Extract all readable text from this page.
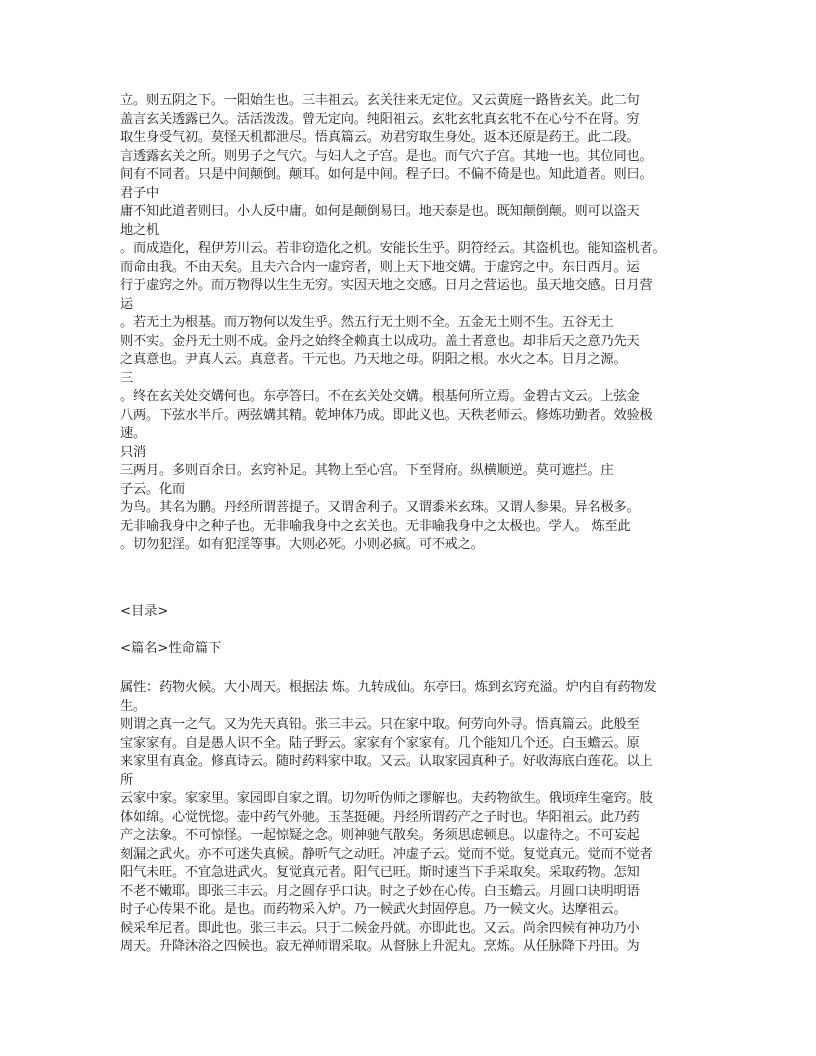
立。则五阴之下。一阳始生也。三丰祖云。玄关往来无定位。又云黄庭一路皆玄关。此二句
盖言玄关透露已久。活活泼泼。曾无定向。纯阳祖云。玄牝玄牝真玄牝不在心兮不在肾。穷
取生身受气初。莫怪天机都泄尽。悟真篇云。劝君穷取生身处。返本还原是药王。此二段。
言透露玄关之所。则男子之气穴。与妇人之子宫。是也。而气穴子宫。其地一也。其位同也。
间有不同者。只是中间颠倒。颠耳。如何是中间。程子曰。不偏不倚是也。知此道者。则曰。
君子中
庸不知此道者则曰。小人反中庸。如何是颠倒易曰。地天泰是也。既知颠倒颠。则可以盗天
地之机
。而成造化，程伊芳川云。若非窃造化之机。安能长生乎。阴符经云。其盗机也。能知盗机者。
而命由我。不由天矣。且夫六合内一虚窍者，则上天下地交媾。于虚窍之中。东日西月。运
行于虚窍之外。而万物得以生生无穷。实因天地之交感。日月之营运也。虽天地交感。日月营
运
。若无土为根基。而万物何以发生乎。然五行无土则不全。五金无土则不生。五谷无土
则不实。金丹无土则不成。金丹之始终全赖真土以成功。盖土者意也。却非后天之意乃先天
之真意也。尹真人云。真意者。干元也。乃天地之母。阴阳之根。水火之本。日月之源。
三
。终在玄关处交媾何也。东亭答曰。不在玄关处交媾。根基何所立焉。金碧古文云。上弦金
八两。下弦水半斤。两弦媾其精。乾坤体乃成。即此义也。天秩老师云。修炼功勤者。效验极
速。
只消
三两月。多则百余日。玄窍补足。其物上至心宫。下至肾府。纵横顺逆。莫可遮拦。庄
子云。化而
为鸟。其名为鹏。丹经所谓菩提子。又谓舍利子。又谓黍米玄珠。又谓人参果。异名极多。
无非喻我身中之种子也。无非喻我身中之玄关也。无非喻我身中之太极也。学人。 炼至此
。切勿犯淫。如有犯淫等事。大则必死。小则必疯。可不戒之。
<目录>
<篇名>性命篇下
属性：药物火候。大小周天。根据法 炼。九转成仙。东亭曰。炼到玄窍充溢。炉内自有药物发
生。
则谓之真一之气。又为先天真铅。张三丰云。只在家中取。何劳向外寻。悟真篇云。此般至
宝家家有。自是愚人识不全。陆子野云。家家有个家家有。几个能知几个还。白玉蟾云。原
来家里有真金。修真诗云。随时药料家中取。又云。认取家园真种子。好收海底白莲花。以上
所
云家中家。家家里。家园即自家之谓。切勿听伪师之谬解也。夫药物欲生。俄顷痒生毫窍。肢
体如绵。心觉恍惚。壶中药气外驰。玉茎挺硬。丹经所谓药产之子时也。华阳祖云。此乃药
产之法象。不可惊怪。一起惊疑之念。则神驰气散矣。务须思虑顿息。以虚待之。不可妄起
刻漏之武火。亦不可迷失真候。静听气之动旺。冲虚子云。觉而不觉。复觉真元。觉而不觉者
阳气未旺。不宜急进武火。复觉真元者。阳气已旺。斯时速当下手采取矣。采取药物。怎知
不老不嫩耶。即张三丰云。月之圆存乎口诀。时之子妙在心传。白玉蟾云。月圆口诀明明语
时子心传果不讹。是也。而药物采入炉。乃一候武火封固停息。乃一候文火。达摩祖云。
候采牟尼者。即此也。张三丰云。只于二候金丹就。亦即此也。又云。尚余四候有神功乃小
周天。升降沐浴之四候也。寂无禅师谓采取。从督脉上升泥丸。烹炼。从任脉降下丹田。为
